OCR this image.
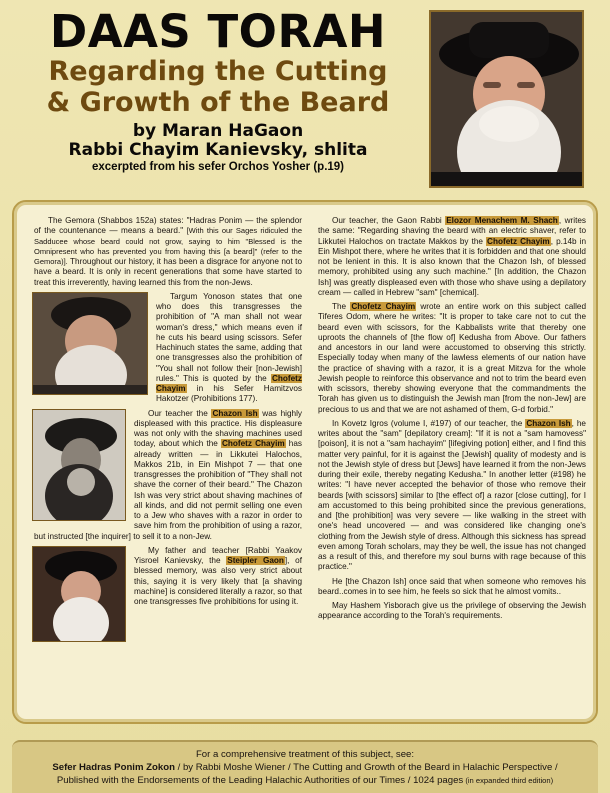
DAAS TORAH
Regarding the Cutting
& Growth of the Beard
by Maran HaGaon
Rabbi Chayim Kanievsky, shlita
excerpted from his sefer Orchos Yosher (p.19)

The Gemora (Shabbos 152a) states: "Hadras Ponim — the splendor of the countenance — means a beard." [With this our Sages ridiculed the Sadducee whose beard could not grow, saying to him "Blessed is the Omnipresent who has prevented you from having this [a beard]" (refer to the Gemora)]. Throughout our history, it has been a disgrace for anyone not to have a beard. It is only in recent generations that some have started to treat this irreverently, having learned this from the non-Jews.

Targum Yonoson states that one who does this transgresses the prohibition of "A man shall not wear woman's dress," which means even if he cuts his beard using scissors. Sefer Hachinuch states the same, adding that one transgresses also the prohibition of "You shall not follow their [non-Jewish] rules." This is quoted by the Chofetz Chayim in his Sefer Hamitzvos Hakotzer (Prohibitions 177).

Our teacher the Chazon Ish was highly displeased with this practice. His displeasure was not only with the shaving machines used today, about which the Chofetz Chayim has already written — in Likkutei Halochos, Makkos 21b, in Ein Mishpot 7 — that one transgresses the prohibition of "They shall not shave the corner of their beard." The Chazon Ish was very strict about shaving machines of all kinds, and did not permit selling one even to a Jew who shaves with a razor in order to save him from the prohibition of using a razor, but instructed [the inquirer] to sell it to a non-Jew.

My father and teacher [Rabbi Yaakov Yisroel Kanievsky, the Steipler Gaon], of blessed memory, was also very strict about this, saying it is very likely that [a shaving machine] is considered literally a razor, so that one transgresses five prohibitions for using it.

Our teacher, the Gaon Rabbi Elozor Menachem M. Shach, writes the same: "Regarding shaving the beard with an electric shaver, refer to Likkutei Halochos on tractate Makkos by the Chofetz Chayim, p.14b in Ein Mishpot there, where he writes that it is forbidden and that one should not be lenient in this. It is also known that the Chazon Ish, of blessed memory, prohibited using any such machine." [In addition, the Chazon Ish] was greatly displeased even with those who shave using a depilatory cream — called in Hebrew "sam" [chemical].

The Chofetz Chayim wrote an entire work on this subject called Tiferes Odom, where he writes: "It is proper to take care not to cut the beard even with scissors, for the Kabbalists write that thereby one uproots the channels of [the flow of] Kedusha from Above. Our fathers and ancestors in our land were accustomed to observing this strictly. Especially today when many of the lawless elements of our nation have the practice of shaving with a razor, it is a great Mitzva for the whole Jewish people to reinforce this observance and not to trim the beard even with scissors, thereby showing everyone that the commandments the Torah has given us to distinguish the Jewish man [from the non-Jew] are precious to us and that we are not ashamed of them, G-d forbid."

In Kovetz Igros (volume I, #197) of our teacher, the Chazon Ish, he writes about the "sam" [depilatory cream]: "If it is not a "sam hamovess" [poison], it is not a "sam hachayim" [lifegiving potion] either, and I find this matter very painful, for it is against the [Jewish] quality of modesty and is not the Jewish style of dress but [Jews] have learned it from the non-Jews during their exile, thereby negating Kedusha." In another letter (#198) he writes: "I have never accepted the behavior of those who remove their beards [with scissors] similar to [the effect of] a razor [close cutting], for I am accustomed to this being prohibited since the previous generations, and [the prohibition] was very severe — like walking in the street with one's head uncovered — and was considered like changing one's clothing from the Jewish style of dress. Although this sickness has spread even among Torah scholars, may they be well, the issue has not changed as a result of this, and therefore my soul burns with rage because of this practice."

He [the Chazon Ish] once said that when someone who removes his beard..comes in to see him, he feels so sick that he almost vomits..

May Hashem Yisborach give us the privilege of observing the Jewish appearance according to the Torah's requirements.

For a comprehensive treatment of this subject, see:
Sefer Hadras Ponim Zokon / by Rabbi Moshe Wiener / The Cutting and Growth of the Beard in Halachic Perspective /
Published with the Endorsements of the Leading Halachic Authorities of our Times / 1024 pages (in expanded third edition)
